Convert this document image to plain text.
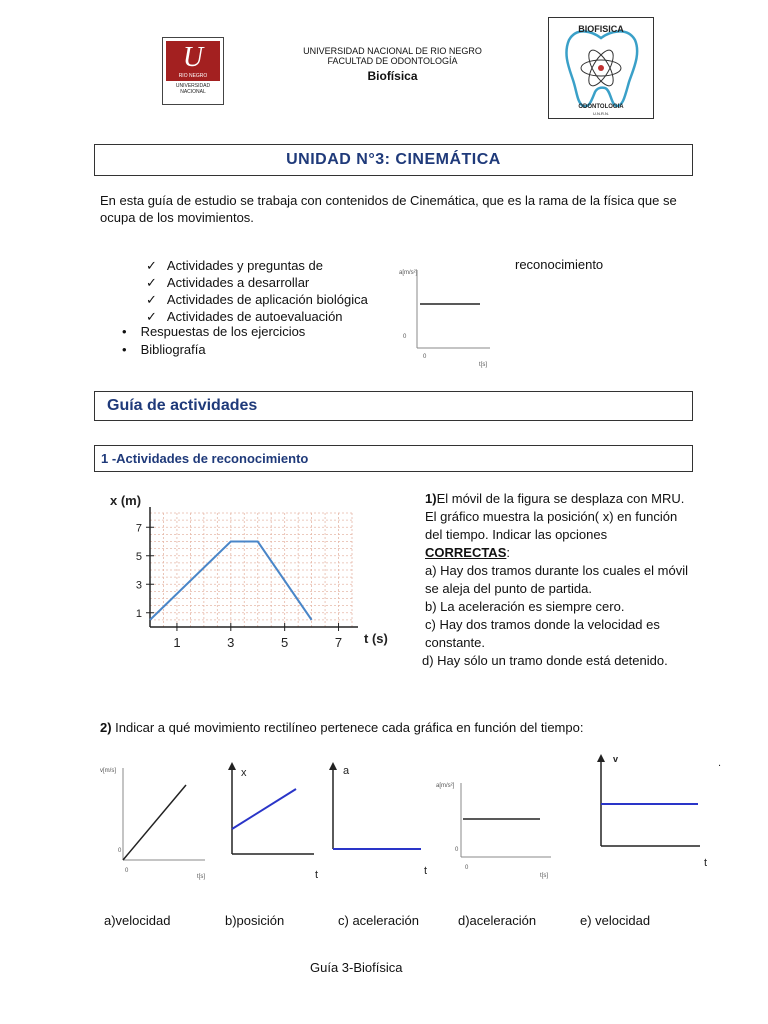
U
RIO NEGRO
UNIVERSIDAD
NACIONAL
UNIVERSIDAD NACIONAL DE RIO NEGRO
FACULTAD DE ODONTOLOGÍA
Biofísica
BIOFISICA
ODONTOLOGIA
U.N.R.N.
UNIDAD N°3: CINEMÁTICA
En esta guía de estudio se trabaja con contenidos de Cinemática, que es la rama de la física que se ocupa de los movimientos.
✓ Actividades y preguntas de
✓ Actividades a desarrollar
✓ Actividades de aplicación biológica
✓ Actividades de autoevaluación
reconocimiento
• Respuestas de los ejercicios
• Bibliografía
a[m/s²]
0
0
t[s]
Guía de actividades
1 -Actividades de reconocimiento
1	3	5	7
1
3
5
7
x (m)
t (s)
1)El móvil de la figura se desplaza con MRU. El gráfico muestra la posición( x) en función del tiempo. Indicar las opciones CORRECTAS:
a) Hay dos tramos durante los cuales el móvil se aleja del punto de partida.
b) La aceleración es siempre cero.
c) Hay dos tramos donde la velocidad es constante.
d) Hay sólo un tramo donde está detenido.
2) Indicar a qué movimiento rectilíneo pertenece cada gráfica en función del tiempo:
v[m/s]
0
0
t[s]
x
t
a
t
a[m/s²]
0
0
t[s]
v
t
.
a)velocidad	b)posición	c) aceleración	d)aceleración	e) velocidad
Guía 3-Biofísica
